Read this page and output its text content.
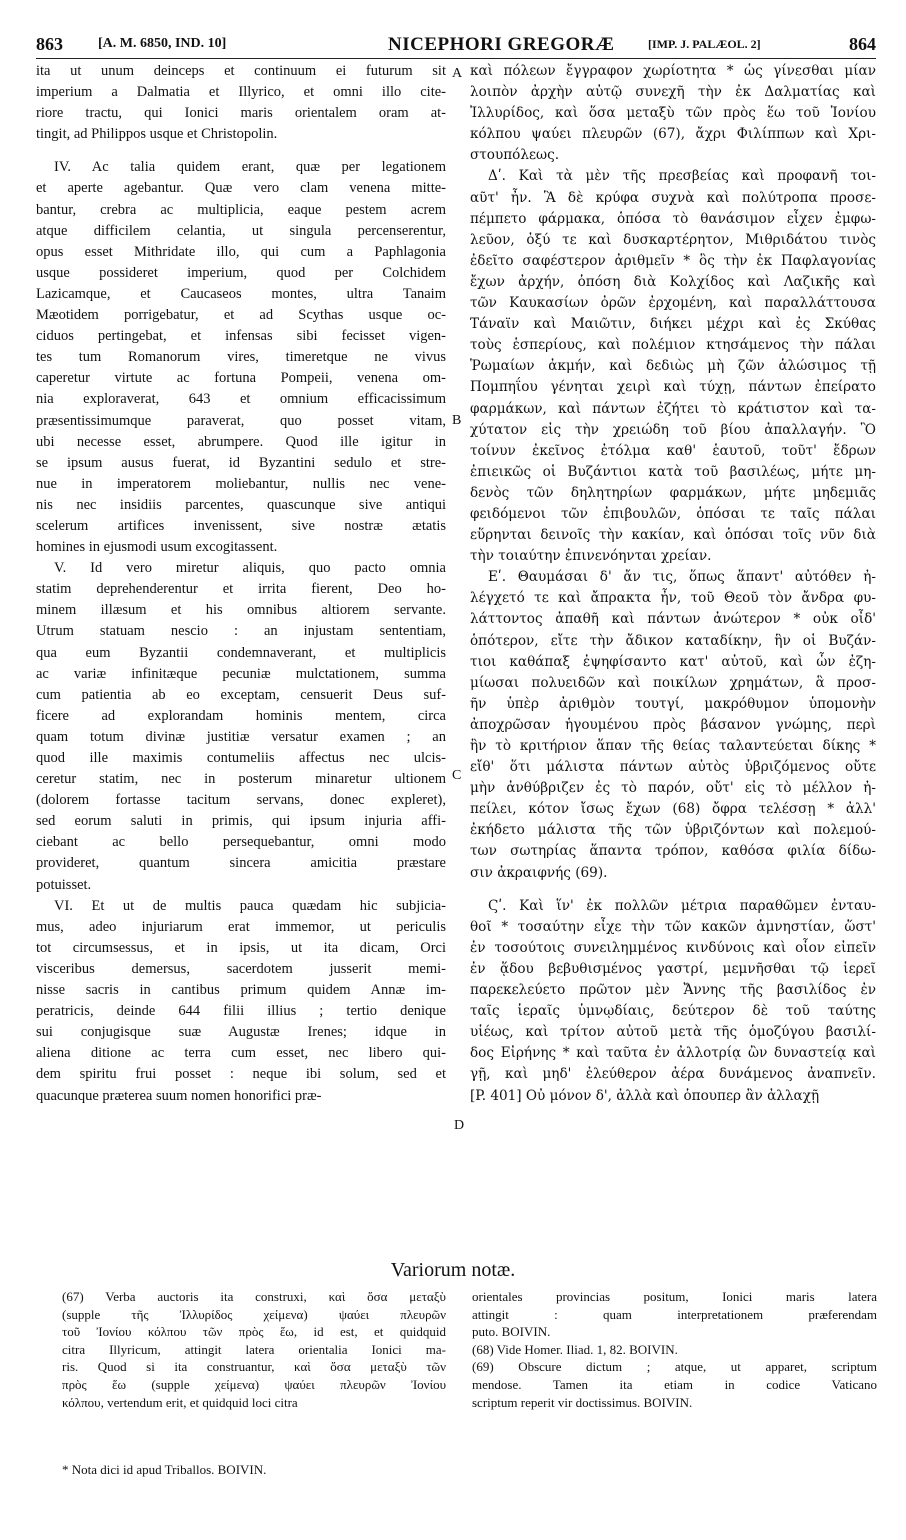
863	[A. M. 6850, IND. 10]	NICEPHORI GREGORÆ	[IMP. J. PALÆOL. 2]	864
ita ut unum deinceps et continuum ei futurum sit
imperium a Dalmatia et Illyrico, et omni illo cite-
riore tractu, qui Ionici maris orientalem oram at-
tingit, ad Philippos usque et Christopolin.
IV. Ac talia quidem erant, quæ per legationem
et aperte agebantur. Quæ vero clam venena mitte-
bantur, crebra ac multiplicia, eaque pestem acrem
atque difficilem celantia, ut singula percenserentur,
opus esset Mithridate illo, qui cum a Paphlagonia
usque possideret imperium, quod per Colchidem
Lazicamque, et Caucaseos montes, ultra Tanaim
Mæotidem porrigebatur, et ad Scythas usque oc-
ciduos pertingebat, et infensas sibi fecisset vigen-
tes tum Romanorum vires, timeretque ne vivus
caperetur virtute ac fortuna Pompeii, venena om-
nia exploraverat, 643 et omnium efficacissimum
præsentissimumque paraverat, quo posset vitam,
ubi necesse esset, abrumpere. Quod ille igitur in
se ipsum ausus fuerat, id Byzantini sedulo et stre-
nue in imperatorem moliebantur, nullis nec vene-
nis nec insidiis parcentes, quascunque sive antiqui
scelerum artifices invenissent, sive nostræ ætatis
homines in ejusmodi usum excogitassent.
V. Id vero miretur aliquis, quo pacto omnia
statim deprehenderentur et irrita fierent, Deo ho-
minem illæsum et his omnibus altiorem servante.
Utrum statuam nescio : an injustam sententiam,
qua eum Byzantii condemnaverant, et multiplicis
ac variæ infinitæque pecuniæ mulctationem, summa
cum patientia ab eo exceptam, censuerit Deus suf-
ficere ad explorandam hominis mentem, circa
quam totum divinæ justitiæ versatur examen ; an
quod ille maximis contumeliis affectus nec ulcis-
ceretur statim, nec in posterum minaretur ultionem
(dolorem fortasse tacitum servans, donec expleret),
sed eorum saluti in primis, qui ipsum injuria affi-
ciebant ac bello persequebantur, omni modo
provideret, quantum sincera amicitia præstare
potuisset.
VI. Et ut de multis pauca quædam hic subjicia-
mus, adeo injuriarum erat immemor, ut periculis
tot circumsessus, et in ipsis, ut ita dicam, Orci
visceribus demersus, sacerdotem jusserit memi-
nisse sacris in cantibus primum quidem Annæ im-
peratricis, deinde 644 filii illius ; tertio denique
sui conjugisque suæ Augustæ Irenes; idque in
aliena ditione ac terra cum esset, nec libero qui-
dem spiritu frui posset : neque ibi solum, sed et
quacunque præterea suum nomen honorifici præ-
καὶ πόλεων ἔγγραφον χωρίοτητα * ὡς γίνεσθαι μίαν
λοιπὸν ἀρχὴν αὐτῷ συνεχῆ τὴν ἐκ Δαλματίας καὶ
Ἰλλυρίδος, καὶ ὅσα μεταξὺ τῶν πρὸς ἕω τοῦ Ἰονίου
κόλπου ψαύει πλευρῶν (67), ἄχρι Φιλίππων καὶ Χρι-
στουπόλεως.
Δʹ. Καὶ τὰ μὲν τῆς πρεσβείας καὶ προφανῆ τοι-
αῦτ' ἦν. Ἃ δὲ κρύφα συχνὰ καὶ πολύτροπα προσε-
πέμπετο φάρμακα, ὁπόσα τὸ θανάσιμον εἶχεν ἐμφω-
λεῦον, ὀξύ τε καὶ δυσκαρτέρητον, Μιθριδάτου τινὸς
ἐδεῖτο σαφέστερον ἀριθμεῖν * ὃς τὴν ἐκ Παφλαγονίας
ἔχων ἀρχήν, ὁπόση διὰ Κολχίδος καὶ Λαζικῆς καὶ
τῶν Καυκασίων ὀρῶν ἐρχομένη, καὶ παραλλάττουσα
Τάναϊν καὶ Μαιῶτιν, διήκει μέχρι καὶ ἐς Σκύθας
τοὺς ἑσπερίους, καὶ πολέμιον κτησάμενος τὴν πάλαι
Ῥωμαίων ἀκμήν, καὶ δεδιὼς μὴ ζῶν ἁλώσιμος τῇ
Πομπηΐου γένηται χειρὶ καὶ τύχῃ, πάντων ἐπείρατο
φαρμάκων, καὶ πάντων ἐζήτει τὸ κράτιστον καὶ τα-
χύτατον εἰς τὴν χρειώδη τοῦ βίου ἀπαλλαγήν. Ὃ
τοίνυν ἐκεῖνος ἐτόλμα καθ' ἑαυτοῦ, τοῦτ' ἔδρων
ἐπιεικῶς οἱ Βυζάντιοι κατὰ τοῦ βασιλέως, μήτε μη-
δενὸς τῶν δηλητηρίων φαρμάκων, μήτε μηδεμιᾶς
φειδόμενοι τῶν ἐπιβουλῶν, ὁπόσαι τε ταῖς πάλαι
εὕρηνται δεινοῖς τὴν κακίαν, καὶ ὁπόσαι τοῖς νῦν διὰ
τὴν τοιαύτην ἐπινενόηνται χρείαν.
Εʹ. Θαυμάσαι δ' ἄν τις, ὅπως ἅπαντ' αὐτόθεν ἠ-
λέγχετό τε καὶ ἄπρακτα ἦν, τοῦ Θεοῦ τὸν ἄνδρα φυ-
λάττοντος ἀπαθῆ καὶ πάντων ἀνώτερον * οὐκ οἶδ'
ὁπότερον, εἴτε τὴν ἄδικον καταδίκην, ἣν οἱ Βυζάν-
τιοι καθάπαξ ἐψηφίσαντο κατ' αὐτοῦ, καὶ ὧν ἐζη-
μίωσαι πολυειδῶν καὶ ποικίλων χρημάτων, ἃ προσ-
ῆν ὑπὲρ ἀριθμὸν τουτγί, μακρόθυμον ὑπομονὴν
ἀποχρῶσαν ἡγουμένου πρὸς βάσανον γνώμης, περὶ
ἣν τὸ κριτήριον ἅπαν τῆς θείας ταλαντεύεται δίκης *
εἴθ' ὅτι μάλιστα πάντων αὐτὸς ὑβριζόμενος οὔτε
μὴν ἀνθύβριζεν ἐς τὸ παρόν, οὔτ' εἰς τὸ μέλλον ἠ-
πείλει, κότον ἴσως ἔχων (68) ὄφρα τελέσσῃ * ἀλλ'
ἐκήδετο μάλιστα τῆς τῶν ὑβριζόντων καὶ πολεμού-
των σωτηρίας ἅπαντα τρόπον, καθόσα φιλία δίδω-
σιν ἀκραιφνής (69).
Ϛʹ. Καὶ ἵν' ἐκ πολλῶν μέτρια παραθῶμεν ἐνταυ-
θοῖ * τοσαύτην εἶχε τὴν τῶν κακῶν ἀμνηστίαν, ὥστ'
ἐν τοσούτοις συνειλημμένος κινδύνοις καὶ οἷον εἰπεῖν
ἐν ᾅδου βεβυθισμένος γαστρί, μεμνῆσθαι τῷ ἱερεῖ
παρεκελεύετο πρῶτον μὲν Ἄννης τῆς βασιλίδος ἐν
ταῖς ἱεραῖς ὑμνῳδίαις, δεύτερον δὲ τοῦ ταύτης
υἱέως, καὶ τρίτον αὐτοῦ μετὰ τῆς ὁμοζύγου βασιλί-
δος Εἰρήνης * καὶ ταῦτα ἐν ἀλλοτρίᾳ ὢν δυναστείᾳ καὶ
γῇ, καὶ μηδ' ἐλεύθερον ἀέρα δυνάμενος ἀναπνεῖν.
[P. 401] Οὐ μόνον δ', ἀλλὰ καὶ ὁπουπερ ἂν ἀλλαχῇ
A
B
C
D
Variorum notæ.
(67) Verba auctoris ita construxi, καὶ ὅσα μεταξὺ
(supple τῆς Ἰλλυρίδος χείμενα) ψαύει πλευρῶν
τοῦ Ἰονίου κόλπου τῶν πρὸς ἕω, id est, et quidquid
citra Illyricum, attingit latera orientalia Ionici ma-
ris. Quod si ita construantur, καὶ ὅσα μεταξὺ τῶν
πρὸς ἕω (supple χείμενα) ψαύει πλευρῶν Ἰονίου
κόλπου, vertendum erit, et quidquid loci citra
orientales provincias positum, Ionici maris latera
attingit : quam interpretationem præferendam
puto. BOIVIN.
(68) Vide Homer. Iliad. 1, 82. BOIVIN.
(69) Obscure dictum ; atque, ut apparet, scriptum
mendose. Tamen ita etiam in codice Vaticano
scriptum reperit vir doctissimus. BOIVIN.
* Nota dici id apud Triballos. BOIVIN.
